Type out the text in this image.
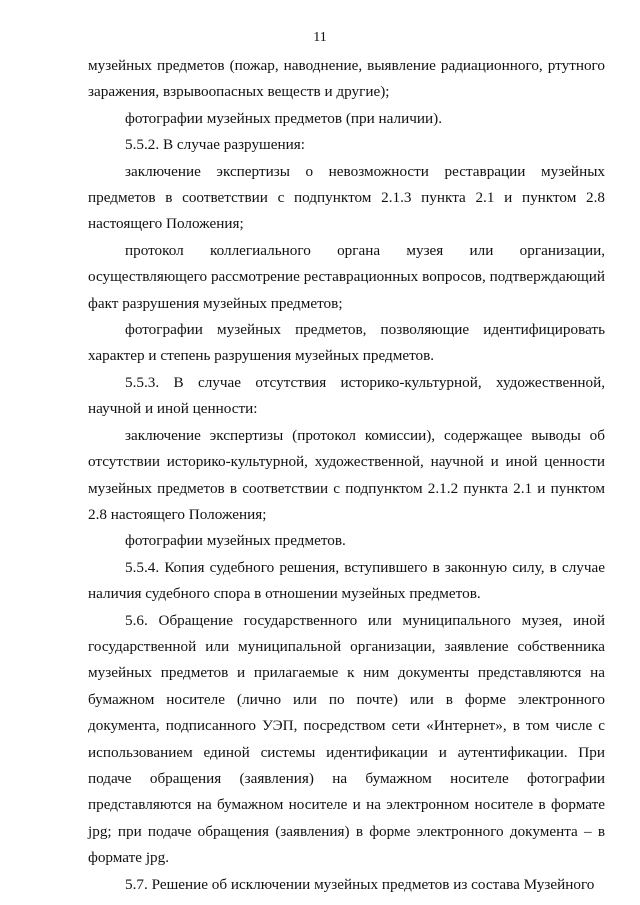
11

музейных предметов (пожар, наводнение, выявление радиационного, ртутного заражения, взрывоопасных веществ и другие);

фотографии музейных предметов (при наличии).

5.5.2. В случае разрушения:

заключение экспертизы о невозможности реставрации музейных предметов в соответствии с подпунктом 2.1.3 пункта 2.1 и пунктом 2.8 настоящего Положения;

протокол коллегиального органа музея или организации, осуществляющего рассмотрение реставрационных вопросов, подтверждающий факт разрушения музейных предметов;

фотографии музейных предметов, позволяющие идентифицировать характер и степень разрушения музейных предметов.

5.5.3. В случае отсутствия историко-культурной, художественной, научной и иной ценности:

заключение экспертизы (протокол комиссии), содержащее выводы об отсутствии историко-культурной, художественной, научной и иной ценности музейных предметов в соответствии с подпунктом 2.1.2 пункта 2.1 и пунктом 2.8 настоящего Положения;

фотографии музейных предметов.

5.5.4. Копия судебного решения, вступившего в законную силу, в случае наличия судебного спора в отношении музейных предметов.

5.6. Обращение государственного или муниципального музея, иной государственной или муниципальной организации, заявление собственника музейных предметов и прилагаемые к ним документы представляются на бумажном носителе (лично или по почте) или в форме электронного документа, подписанного УЭП, посредством сети «Интернет», в том числе с использованием единой системы идентификации и аутентификации. При подаче обращения (заявления) на бумажном носителе фотографии представляются на бумажном носителе и на электронном носителе в формате jpg; при подаче обращения (заявления) в форме электронного документа – в формате jpg.

5.7. Решение об исключении музейных предметов из состава Музейного
